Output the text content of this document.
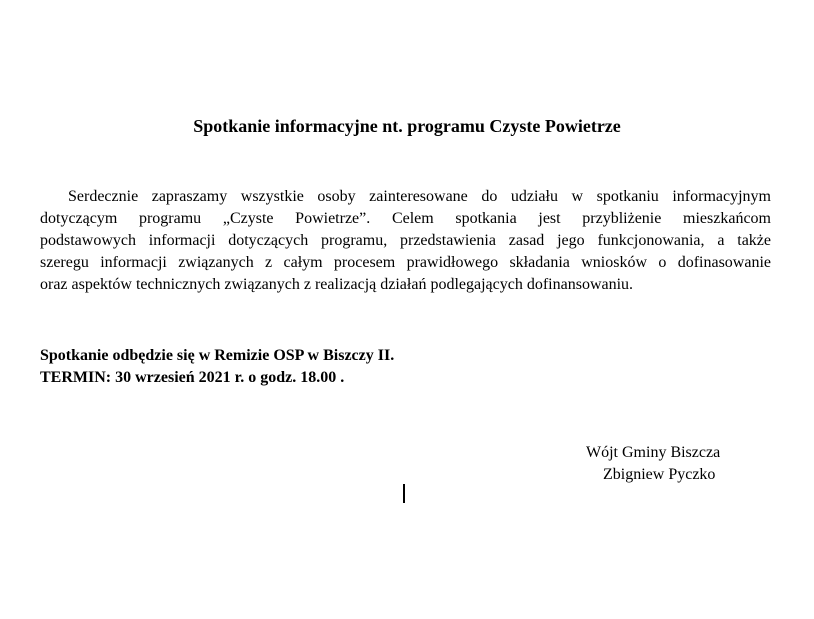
Spotkanie informacyjne nt. programu Czyste Powietrze

Serdecznie zapraszamy wszystkie osoby zainteresowane do udziału w spotkaniu informacyjnym
dotyczącym programu „Czyste Powietrze”. Celem spotkania jest przybliżenie mieszkańcom
podstawowych informacji dotyczących programu, przedstawienia zasad jego funkcjonowania, a także
szeregu informacji związanych z całym procesem prawidłowego składania wniosków o dofinasowanie
oraz aspektów technicznych związanych z realizacją działań podlegających dofinansowaniu.

Spotkanie odbędzie się w Remizie OSP w Biszczy II.
TERMIN: 30 wrzesień 2021 r. o godz. 18.00 .

Wójt Gminy Biszcza
Zbigniew Pyczko
